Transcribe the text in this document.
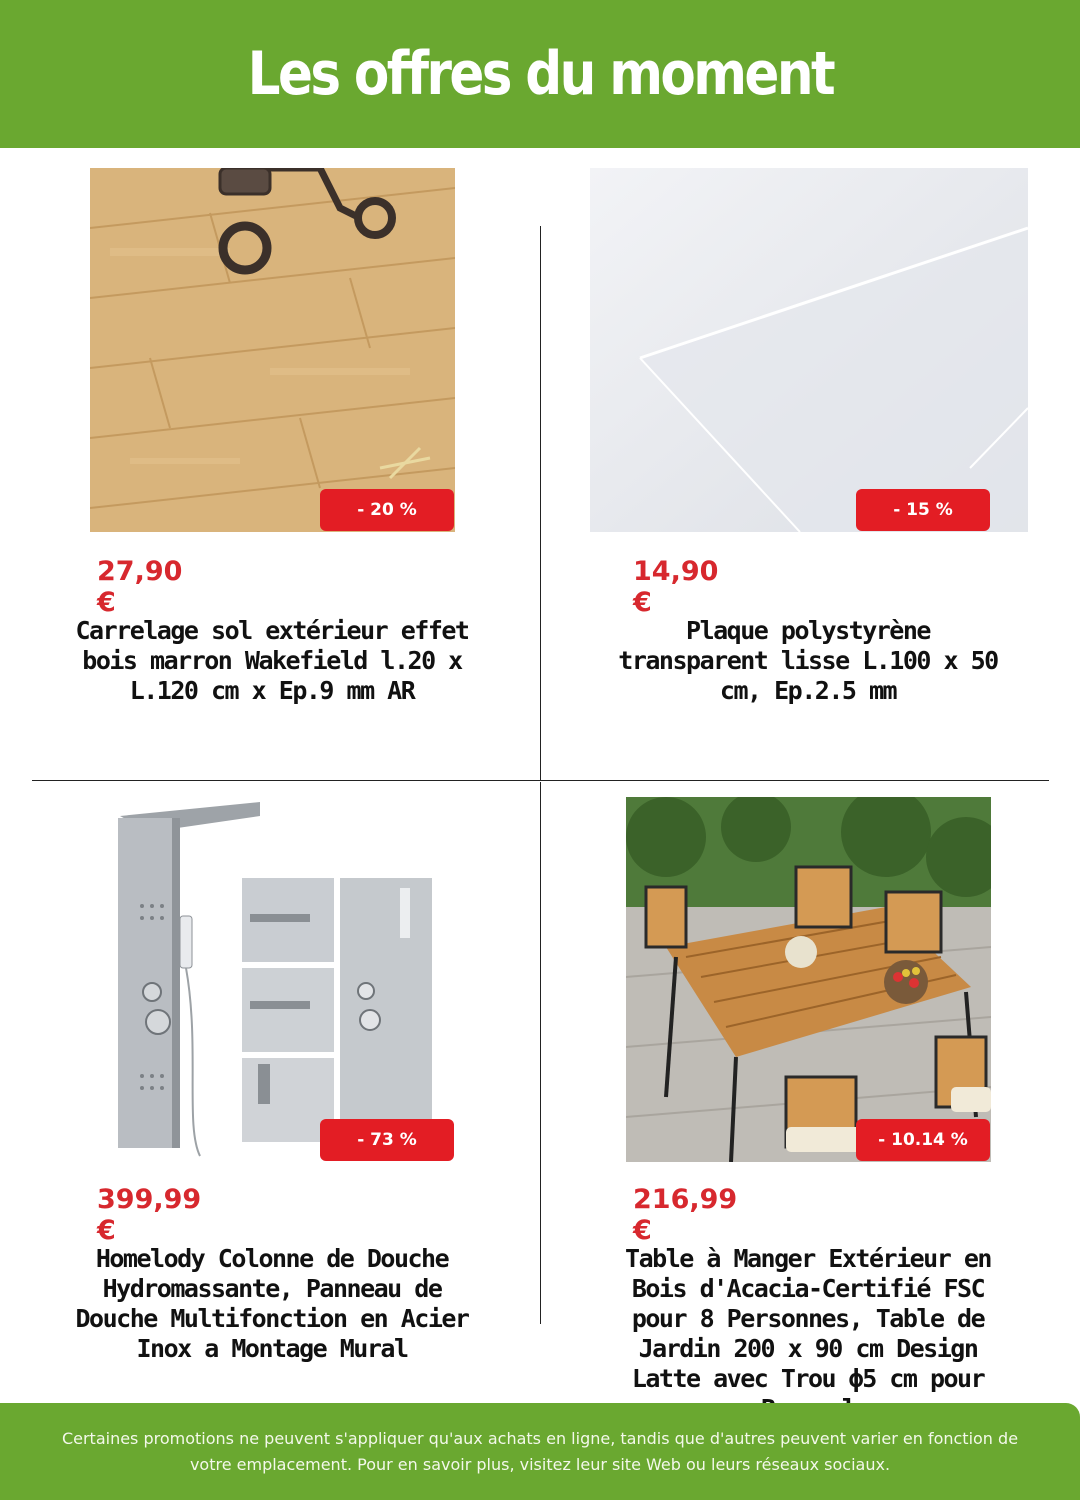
Les offres du moment
- 20 %
27,90 €
Carrelage sol extérieur effet bois marron Wakefield l.20 x L.120 cm x Ep.9 mm AR
- 15 %
14,90 €
Plaque polystyrène transparent lisse L.100 x 50 cm, Ep.2.5 mm
- 73 %
399,99 €
Homelody Colonne de Douche Hydromassante, Panneau de Douche Multifonction en Acier Inox a Montage Mural
- 10.14 %
216,99 €
Table à Manger Extérieur en Bois d'Acacia-Certifié FSC pour 8 Personnes, Table de Jardin 200 x 90 cm Design Latte avec Trou ϕ5 cm pour

Certaines promotions ne peuvent s'appliquer qu'aux achats en ligne, tandis que d'autres peuvent varier en fonction de votre emplacement. Pour en savoir plus, visitez leur site Web ou leurs réseaux sociaux.
